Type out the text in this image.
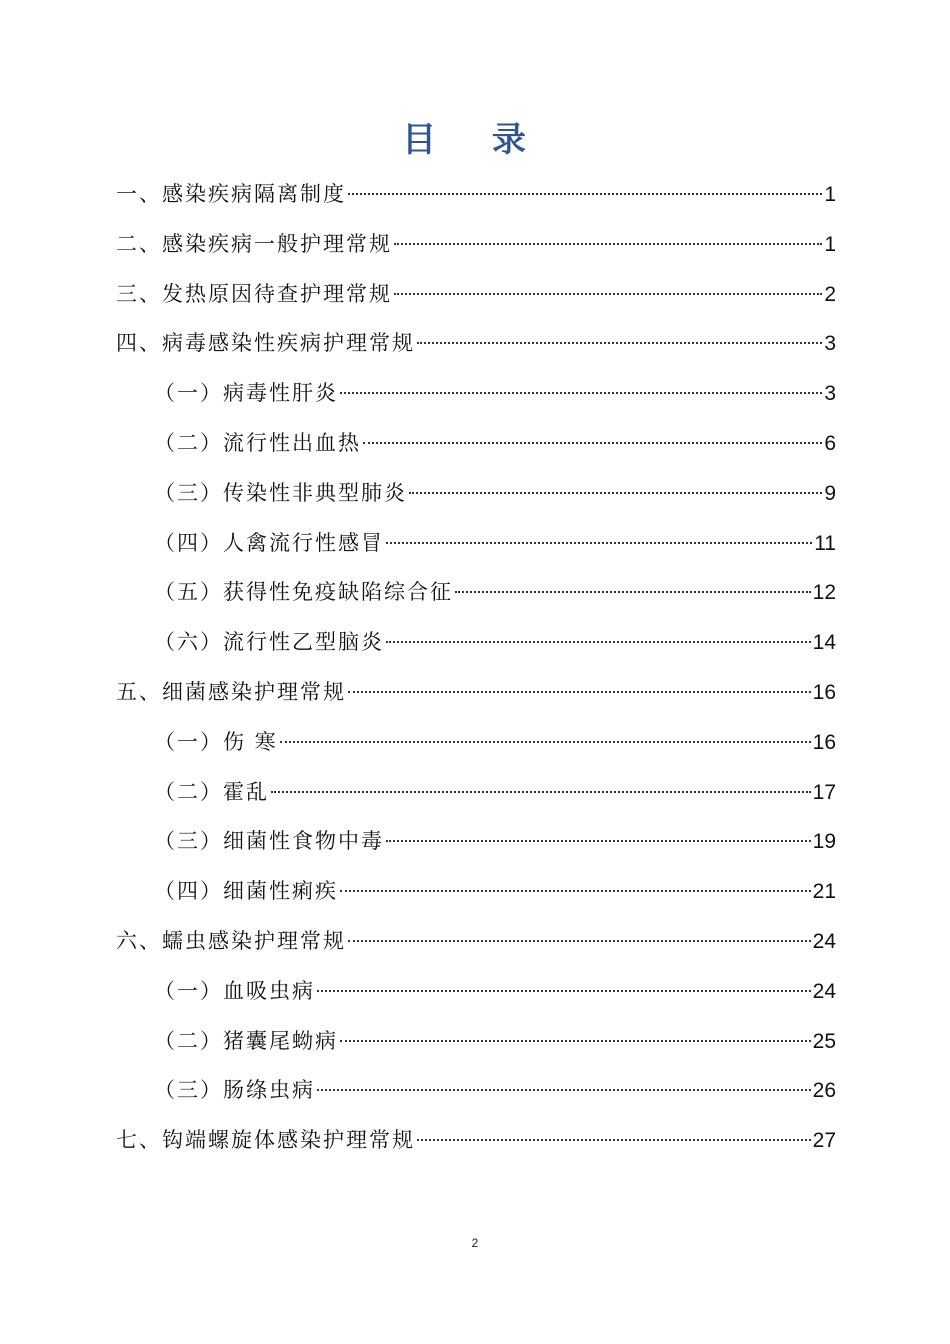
目 录
一、感染疾病隔离制度	1
二、感染疾病一般护理常规	1
三、发热原因待查护理常规	2
四、病毒感染性疾病护理常规	3
（一）病毒性肝炎	3
（二）流行性出血热	6
（三）传染性非典型肺炎	9
（四）人禽流行性感冒	11
（五）获得性免疫缺陷综合征	12
（六）流行性乙型脑炎	14
五、细菌感染护理常规	16
（一）伤 寒	16
（二）霍乱	17
（三）细菌性食物中毒	19
（四）细菌性痢疾	21
六、蠕虫感染护理常规	24
（一）血吸虫病	24
（二）猪囊尾蚴病	25
（三）肠绦虫病	26
七、钩端螺旋体感染护理常规	27
2
